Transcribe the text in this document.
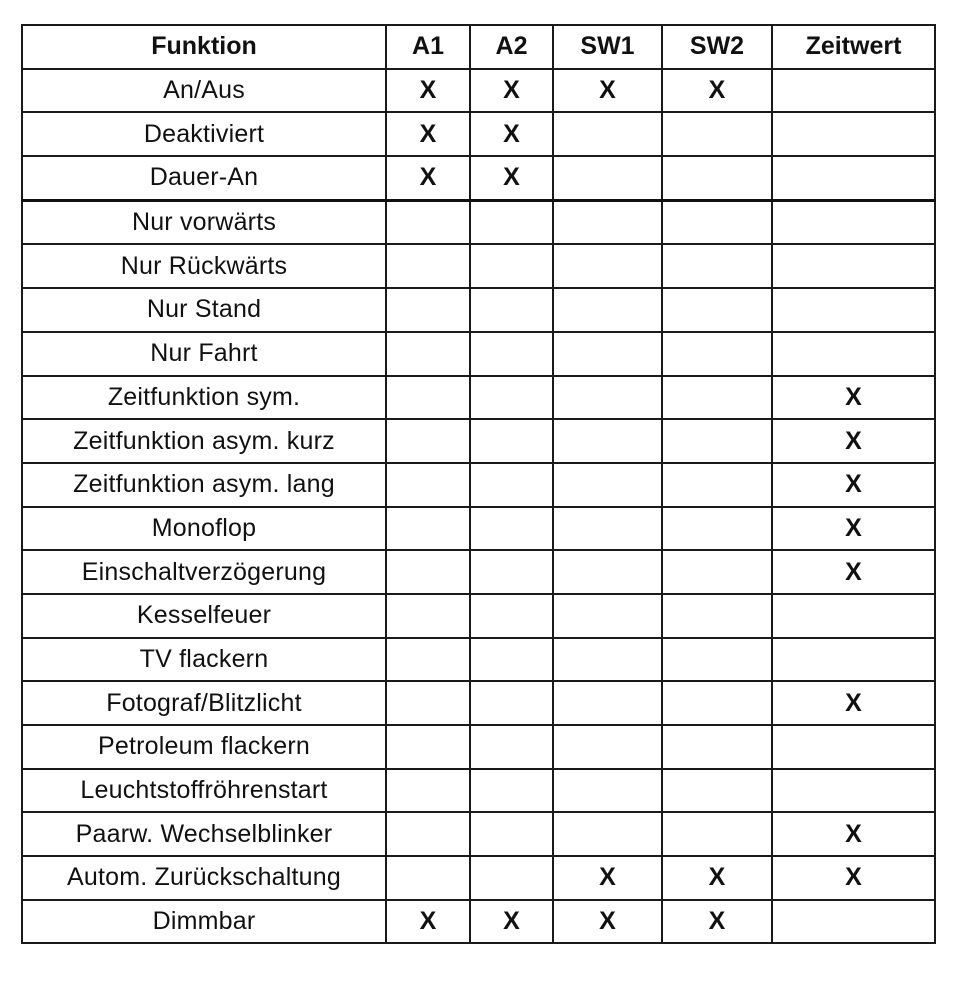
Funktion	A1	A2	SW1	SW2	Zeitwert
An/Aus	X	X	X	X	
Deaktiviert	X	X			
Dauer-An	X	X			
Nur vorwärts					
Nur Rückwärts					
Nur Stand					
Nur Fahrt					
Zeitfunktion sym.					X
Zeitfunktion asym. kurz					X
Zeitfunktion asym. lang					X
Monoflop					X
Einschaltverzögerung					X
Kesselfeuer					
TV flackern					
Fotograf/Blitzlicht					X
Petroleum flackern					
Leuchtstoffröhrenstart					
Paarw. Wechselblinker					X
Autom. Zurückschaltung			X	X	X
Dimmbar	X	X	X	X	
